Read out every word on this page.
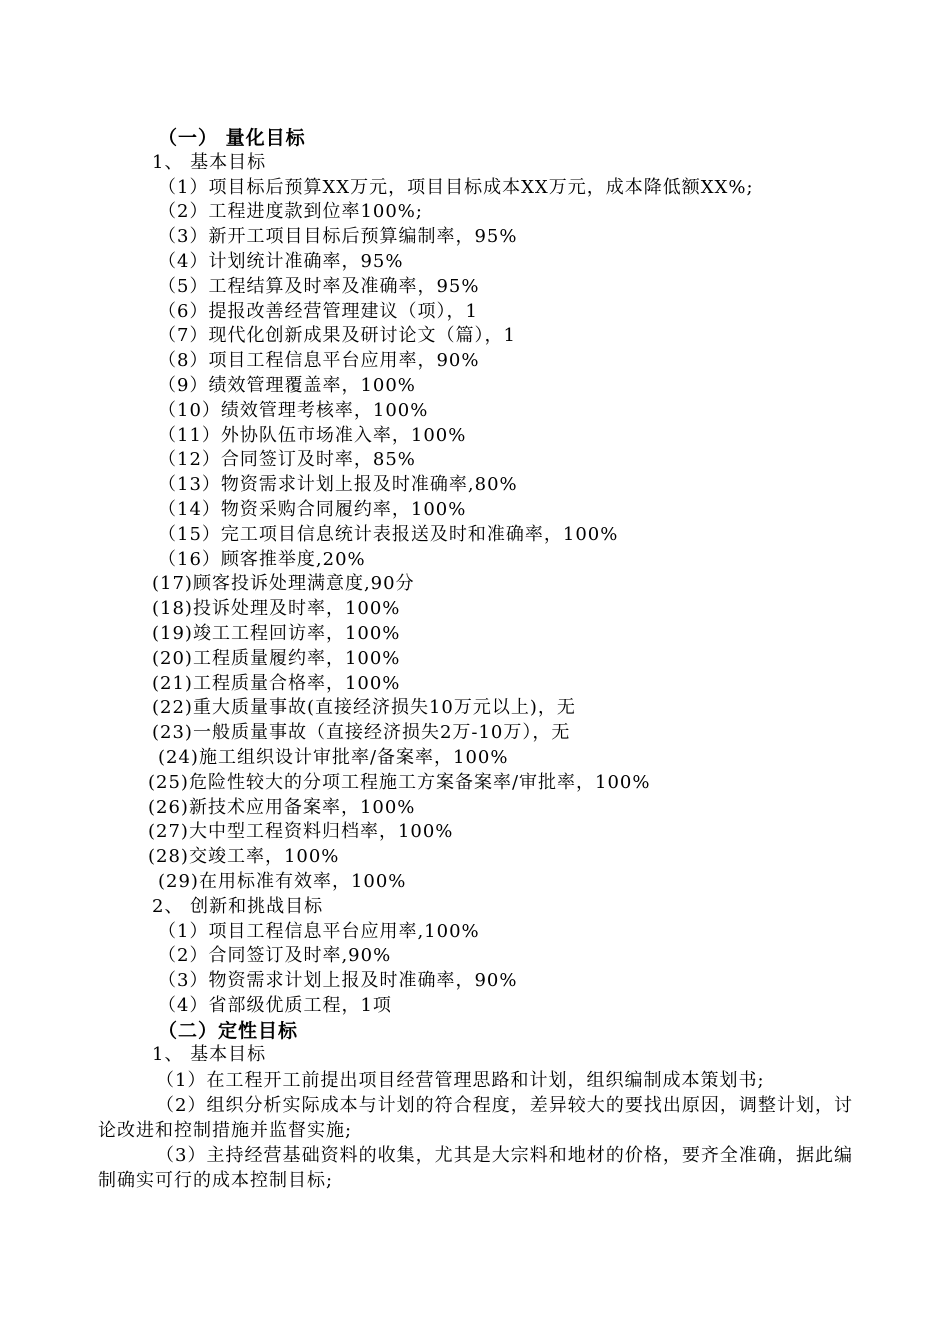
（一） 量化目标
1、 基本目标
（1）项目标后预算XX万元，项目目标成本XX万元，成本降低额XX%;
（2）工程进度款到位率100%;
（3）新开工项目目标后预算编制率，95%
（4）计划统计准确率，95%
（5）工程结算及时率及准确率，95%
（6）提报改善经营管理建议（项），1
（7）现代化创新成果及研讨论文（篇），1
（8）项目工程信息平台应用率，90%
（9）绩效管理覆盖率，100%
（10）绩效管理考核率，100%
（11）外协队伍市场准入率，100%
（12）合同签订及时率，85%
（13）物资需求计划上报及时准确率,80%
（14）物资采购合同履约率，100%
（15）完工项目信息统计表报送及时和准确率，100%
（16）顾客推举度,20%
(17)顾客投诉处理满意度,90分
(18)投诉处理及时率，100%
(19)竣工工程回访率，100%
(20)工程质量履约率，100%
(21)工程质量合格率，100%
(22)重大质量事故(直接经济损失10万元以上)，无
(23)一般质量事故（直接经济损失2万-10万），无
(24)施工组织设计审批率/备案率，100%
(25)危险性较大的分项工程施工方案备案率/审批率，100%
(26)新技术应用备案率，100%
(27)大中型工程资料归档率，100%
(28)交竣工率，100%
(29)在用标准有效率，100%
2、 创新和挑战目标
（1）项目工程信息平台应用率,100%
（2）合同签订及时率,90%
（3）物资需求计划上报及时准确率，90%
（4）省部级优质工程，1项
（二）定性目标
1、 基本目标
（1）在工程开工前提出项目经营管理思路和计划，组织编制成本策划书;
（2）组织分析实际成本与计划的符合程度，差异较大的要找出原因，调整计划，讨论改进和控制措施并监督实施;
（3）主持经营基础资料的收集，尤其是大宗料和地材的价格，要齐全准确，据此编制确实可行的成本控制目标;
